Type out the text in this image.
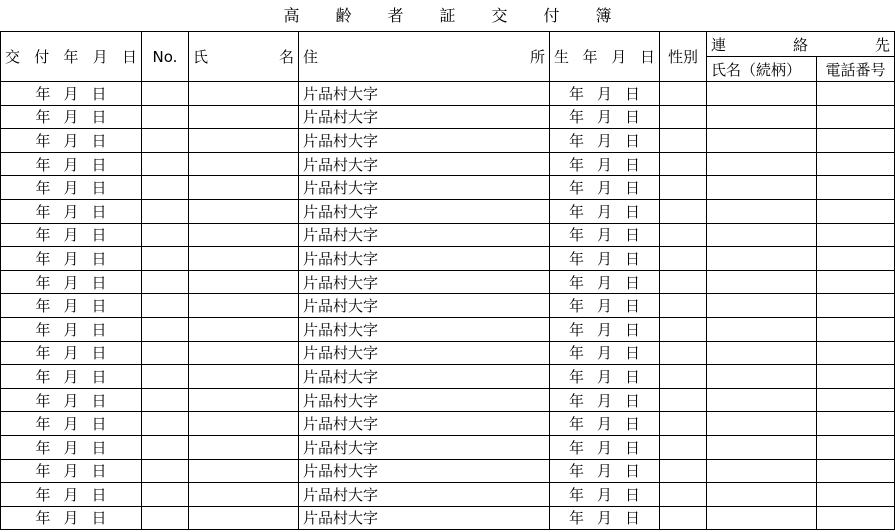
高 齢 者 証 交 付 簿
交 付 年 月 日	No.	氏 名	住 所	生 年 月 日	性別	連 絡 先	

						氏名（続柄）	電話番号
年 月 日			片品村大字	年 月 日			
年 月 日			片品村大字	年 月 日			
年 月 日			片品村大字	年 月 日			
年 月 日			片品村大字	年 月 日			
年 月 日			片品村大字	年 月 日			
年 月 日			片品村大字	年 月 日			
年 月 日			片品村大字	年 月 日			
年 月 日			片品村大字	年 月 日			
年 月 日			片品村大字	年 月 日			
年 月 日			片品村大字	年 月 日			
年 月 日			片品村大字	年 月 日			
年 月 日			片品村大字	年 月 日			
年 月 日			片品村大字	年 月 日			
年 月 日			片品村大字	年 月 日			
年 月 日			片品村大字	年 月 日			
年 月 日			片品村大字	年 月 日			
年 月 日			片品村大字	年 月 日			
年 月 日			片品村大字	年 月 日			
年 月 日			片品村大字	年 月 日			
